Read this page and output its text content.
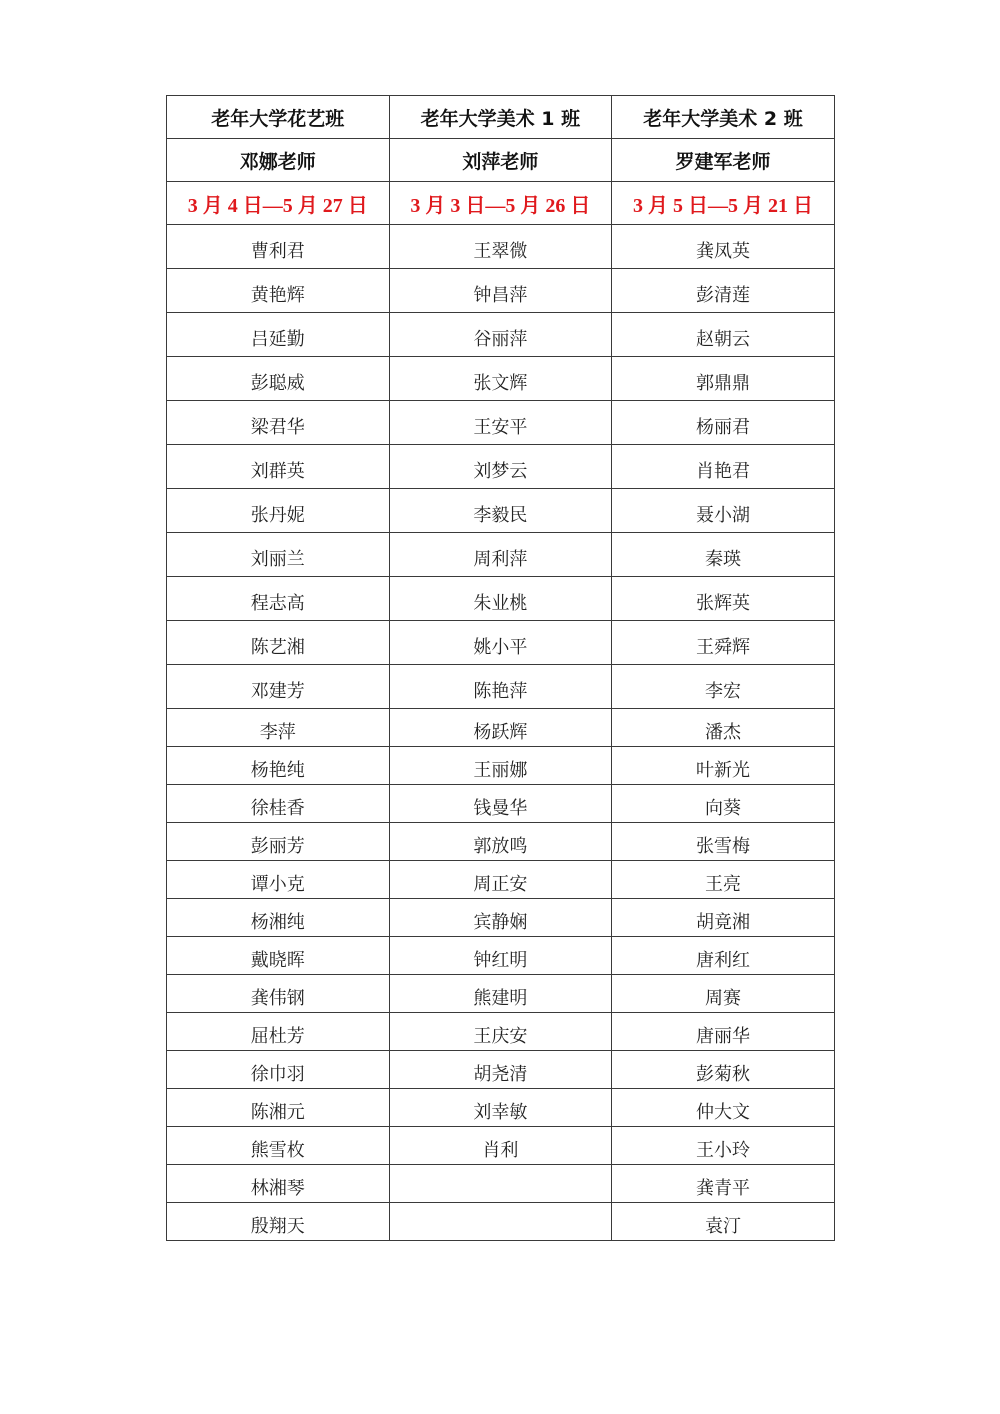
老年大学花艺班	老年大学美术 1 班	老年大学美术 2 班
邓娜老师	刘萍老师	罗建军老师
3 月 4 日—5 月 27 日	3 月 3 日—5 月 26 日	3 月 5 日—5 月 21 日
曹利君	王翠微	龚凤英
黄艳辉	钟昌萍	彭清莲
吕延勤	谷丽萍	赵朝云
彭聪威	张文辉	郭鼎鼎
梁君华	王安平	杨丽君
刘群英	刘梦云	肖艳君
张丹妮	李毅民	聂小湖
刘丽兰	周利萍	秦瑛
程志高	朱业桃	张辉英
陈艺湘	姚小平	王舜辉
邓建芳	陈艳萍	李宏
李萍	杨跃辉	潘杰
杨艳纯	王丽娜	叶新光
徐桂香	钱曼华	向葵
彭丽芳	郭放鸣	张雪梅
谭小克	周正安	王亮
杨湘纯	宾静娴	胡竟湘
戴晓晖	钟红明	唐利红
龚伟钢	熊建明	周赛
屈杜芳	王庆安	唐丽华
徐巾羽	胡尧清	彭菊秋
陈湘元	刘幸敏	仲大文
熊雪枚	肖利	王小玲
林湘琴		龚青平
殷翔天		袁汀
